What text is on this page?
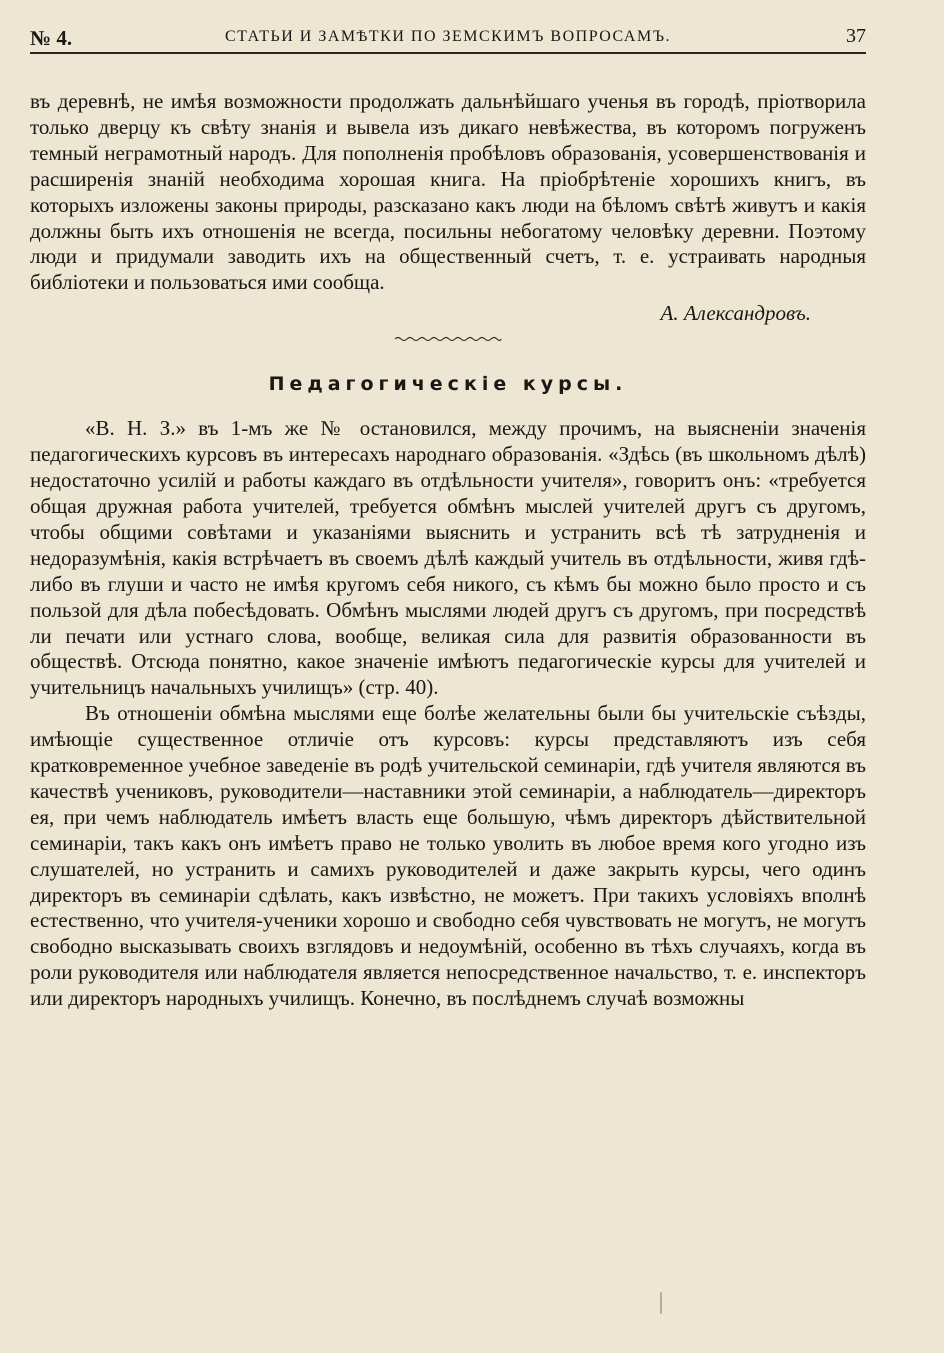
№ 4.	СТАТЬИ И ЗАМѢТКИ ПО ЗЕМСКИМЪ ВОПРОСАМЪ.	37

въ деревнѣ, не имѣя возможности продолжать дальнѣйшаго ученья въ городѣ, пріотворила только дверцу къ свѣту знанія и вывела изъ дикаго невѣжества, въ которомъ погруженъ темный неграмотный народъ. Для пополненія пробѣловъ образованія, усовершенствованія и расширенія знаній необходима хорошая книга. На пріобрѣтеніе хорошихъ книгъ, въ которыхъ изложены законы природы, разсказано какъ люди на бѣломъ свѣтѣ живутъ и какія должны быть ихъ отношенія не всегда, посильны небогатому человѣку деревни. Поэтому люди и придумали заводить ихъ на общественный счетъ, т. е. устраивать народныя библіотеки и пользоваться ими сообща.

А. Александровъ.
Педагогическіе курсы.

«В. Н. З.» въ 1-мъ же № остановился, между прочимъ, на выясненіи значенія педагогическихъ курсовъ въ интересахъ народнаго образованія. «Здѣсь (въ школьномъ дѣлѣ) недостаточно усилій и работы каждаго въ отдѣльности учителя», говоритъ онъ: «требуется общая дружная работа учителей, требуется обмѣнъ мыслей учителей другъ съ другомъ, чтобы общими совѣтами и указаніями выяснить и устранить всѣ тѣ затрудненія и недоразумѣнія, какія встрѣчаетъ въ своемъ дѣлѣ каждый учитель въ отдѣльности, живя гдѣ-либо въ глуши и часто не имѣя кругомъ себя никого, съ кѣмъ бы можно было просто и съ пользой для дѣла побесѣдовать. Обмѣнъ мыслями людей другъ съ другомъ, при посредствѣ ли печати или устнаго слова, вообще, великая сила для развитія образованности въ обществѣ. Отсюда понятно, какое значеніе имѣютъ педагогическіе курсы для учителей и учительницъ начальныхъ училищъ» (стр. 40).

Въ отношеніи обмѣна мыслями еще болѣе желательны были бы учительскіе съѣзды, имѣющіе существенное отличіе отъ курсовъ: курсы представляютъ изъ себя кратковременное учебное заведеніе въ родѣ учительской семинаріи, гдѣ учителя являются въ качествѣ учениковъ, руководители—наставники этой семинаріи, а наблюдатель—директоръ ея, при чемъ наблюдатель имѣетъ власть еще большую, чѣмъ директоръ дѣйствительной семинаріи, такъ какъ онъ имѣетъ право не только уволить въ любое время кого угодно изъ слушателей, но устранить и самихъ руководителей и даже закрыть курсы, чего одинъ директоръ въ семинаріи сдѣлать, какъ извѣстно, не можетъ. При такихъ условіяхъ вполнѣ естественно, что учителя-ученики хорошо и свободно себя чувствовать не могутъ, не могутъ свободно высказывать своихъ взглядовъ и недоумѣній, особенно въ тѣхъ случаяхъ, когда въ роли руководителя или наблюдателя является непосредственное начальство, т. е. инспекторъ или директоръ народныхъ училищъ. Конечно, въ послѣднемъ случаѣ возможны
